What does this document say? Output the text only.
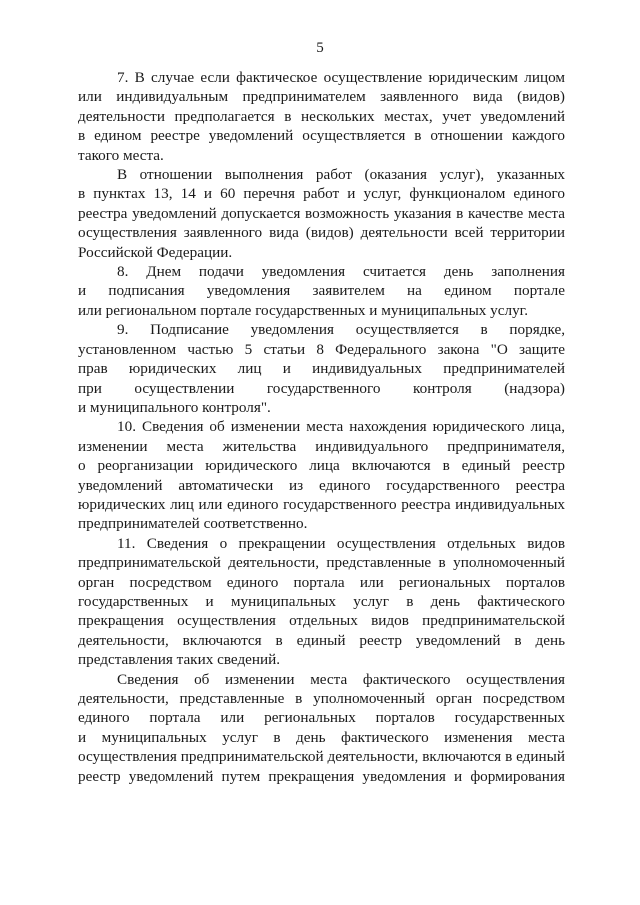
5

7. В случае если фактическое осуществление юридическим лицом
или индивидуальным предпринимателем заявленного вида (видов)
деятельности предполагается в нескольких местах, учет уведомлений
в едином реестре уведомлений осуществляется в отношении каждого
такого места.

В отношении выполнения работ (оказания услуг), указанных
в пунктах 13, 14 и 60 перечня работ и услуг, функционалом единого
реестра уведомлений допускается возможность указания в качестве места
осуществления заявленного вида (видов) деятельности всей территории
Российской Федерации.

8. Днем подачи уведомления считается день заполнения
и подписания уведомления заявителем на едином портале
или региональном портале государственных и муниципальных услуг.

9. Подписание уведомления осуществляется в порядке,
установленном частью 5 статьи 8 Федерального закона "О защите
прав юридических лиц и индивидуальных предпринимателей
при осуществлении государственного контроля (надзора)
и муниципального контроля".

10. Сведения об изменении места нахождения юридического лица,
изменении места жительства индивидуального предпринимателя,
о реорганизации юридического лица включаются в единый реестр
уведомлений автоматически из единого государственного реестра
юридических лиц или единого государственного реестра индивидуальных
предпринимателей соответственно.

11. Сведения о прекращении осуществления отдельных видов
предпринимательской деятельности, представленные в уполномоченный
орган посредством единого портала или региональных порталов
государственных и муниципальных услуг в день фактического
прекращения осуществления отдельных видов предпринимательской
деятельности, включаются в единый реестр уведомлений в день
представления таких сведений.

Сведения об изменении места фактического осуществления
деятельности, представленные в уполномоченный орган посредством
единого портала или региональных порталов государственных
и муниципальных услуг в день фактического изменения места
осуществления предпринимательской деятельности, включаются в единый
реестр уведомлений путем прекращения уведомления и формирования
